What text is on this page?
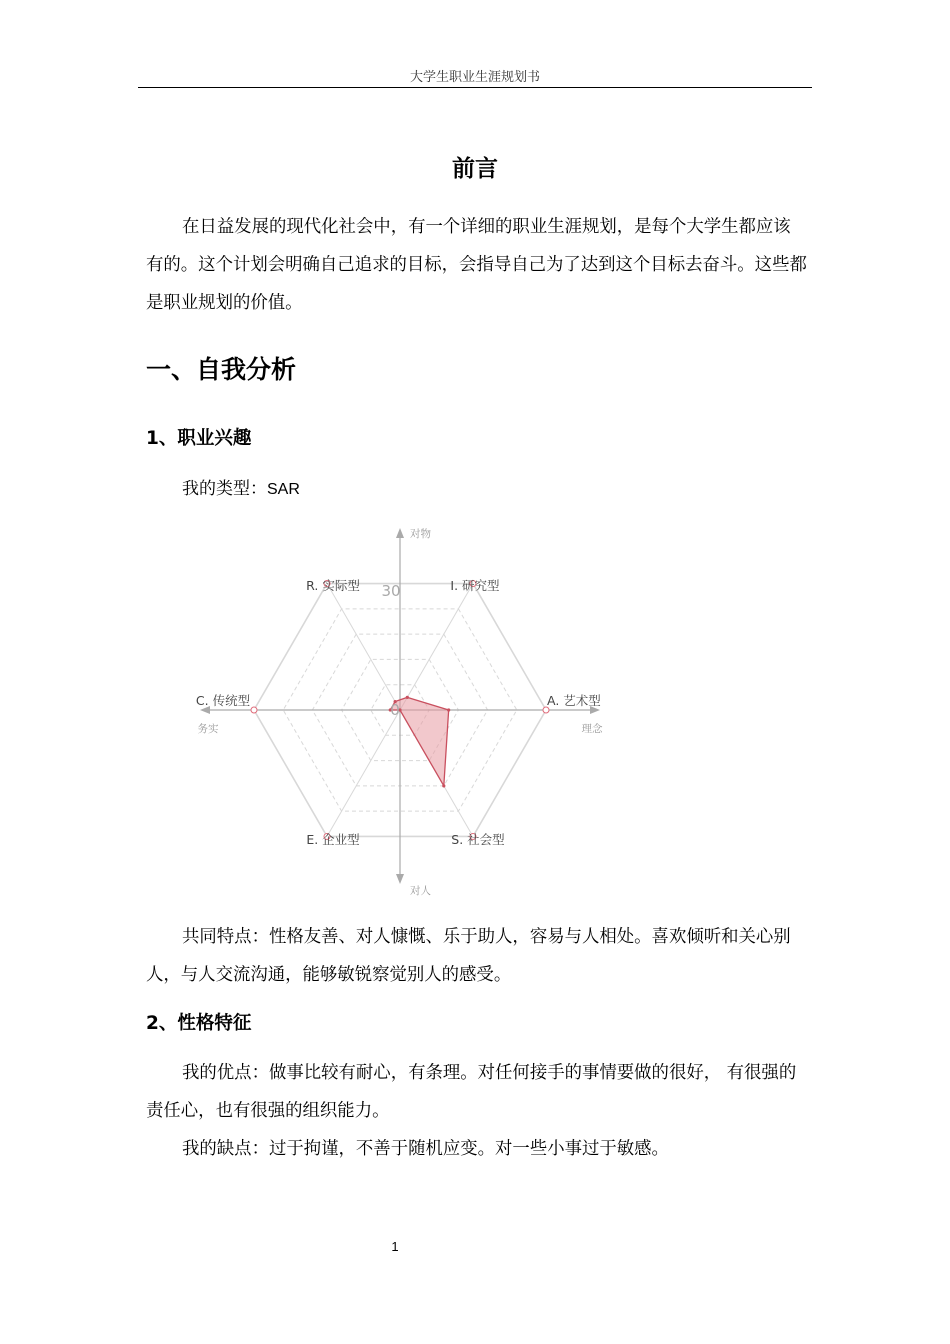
大学生职业生涯规划书
前言

在日益发展的现代化社会中，有一个详细的职业生涯规划，是每个大学生都应该有的。这个计划会明确自己追求的目标，会指导自己为了达到这个目标去奋斗。这些都是职业规划的价值。

一、自我分析
1、职业兴趣
我的类型：SAR
I. 研究型
A. 艺术型
S. 社会型
E. 企业型
C. 传统型
R. 实际型 30
0
对物
对人
务实	理念

共同特点：性格友善、对人慷慨、乐于助人，容易与人相处。喜欢倾听和关心别人，与人交流沟通，能够敏锐察觉别人的感受。

2、性格特征

我的优点：做事比较有耐心，有条理。对任何接手的事情要做的很好， 有很强的责任心，也有很强的组织能力。

我的缺点：过于拘谨，不善于随机应变。对一些小事过于敏感。

1
